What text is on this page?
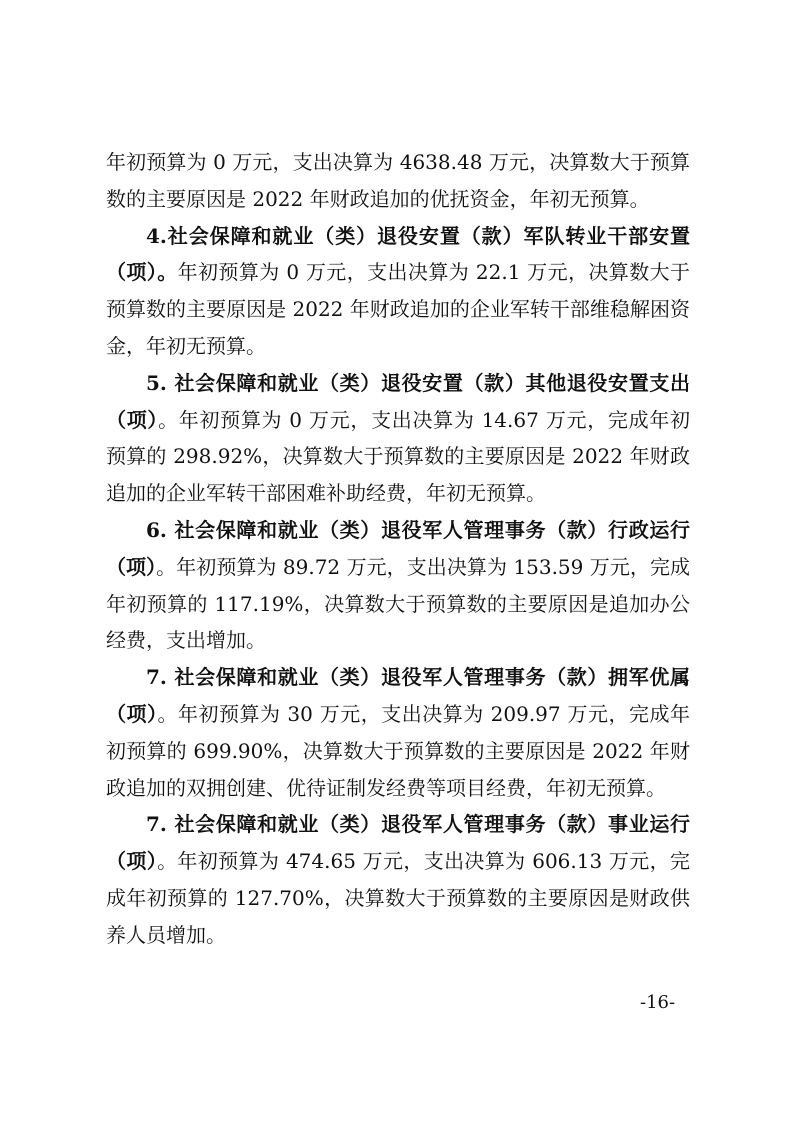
年初预算为 0 万元，支出决算为 4638.48 万元，决算数大于预算数的主要原因是 2022 年财政追加的优抚资金，年初无预算。

4.社会保障和就业（类）退役安置（款）军队转业干部安置（项）。年初预算为 0 万元，支出决算为 22.1 万元，决算数大于预算数的主要原因是 2022 年财政追加的企业军转干部维稳解困资金，年初无预算。

5. 社会保障和就业（类）退役安置（款）其他退役安置支出（项）。年初预算为 0 万元，支出决算为 14.67 万元，完成年初预算的 298.92%，决算数大于预算数的主要原因是 2022 年财政追加的企业军转干部困难补助经费，年初无预算。

6. 社会保障和就业（类）退役军人管理事务（款）行政运行（项）。年初预算为 89.72 万元，支出决算为 153.59 万元，完成年初预算的 117.19%，决算数大于预算数的主要原因是追加办公经费，支出增加。

7. 社会保障和就业（类）退役军人管理事务（款）拥军优属（项）。年初预算为 30 万元，支出决算为 209.97 万元，完成年初预算的 699.90%，决算数大于预算数的主要原因是 2022 年财政追加的双拥创建、优待证制发经费等项目经费，年初无预算。

7. 社会保障和就业（类）退役军人管理事务（款）事业运行（项）。年初预算为 474.65 万元，支出决算为 606.13 万元，完成年初预算的 127.70%，决算数大于预算数的主要原因是财政供养人员增加。

-16-
